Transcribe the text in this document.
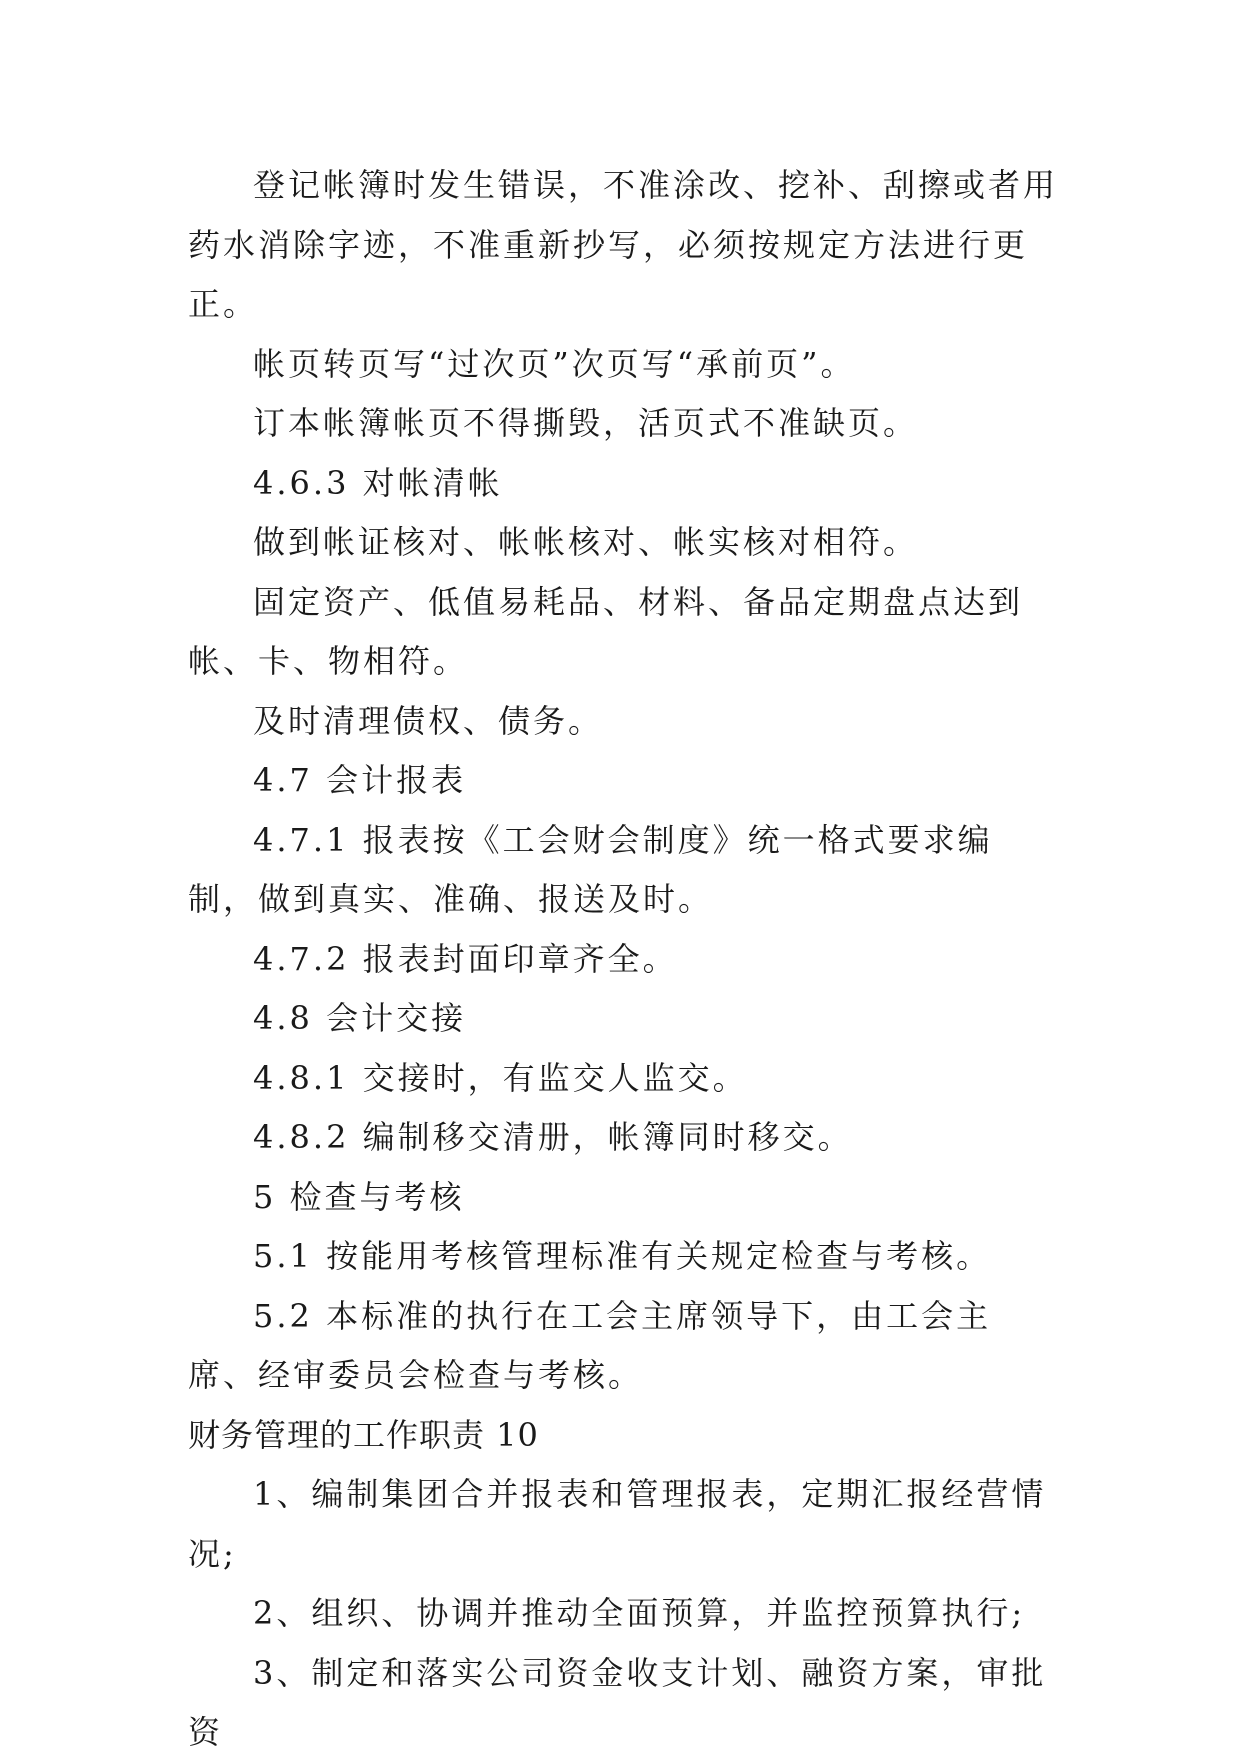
登记帐簿时发生错误，不准涂改、挖补、刮擦或者用药水消除字迹，不准重新抄写，必须按规定方法进行更正。

帐页转页写“过次页”次页写“承前页”。

订本帐簿帐页不得撕毁，活页式不准缺页。

4.6.3 对帐清帐

做到帐证核对、帐帐核对、帐实核对相符。

固定资产、低值易耗品、材料、备品定期盘点达到帐、卡、物相符。

及时清理债权、债务。

4.7 会计报表

4.7.1 报表按《工会财会制度》统一格式要求编制，做到真实、准确、报送及时。

4.7.2 报表封面印章齐全。

4.8 会计交接

4.8.1 交接时，有监交人监交。

4.8.2 编制移交清册，帐簿同时移交。

5 检查与考核

5.1 按能用考核管理标准有关规定检查与考核。

5.2 本标准的执行在工会主席领导下，由工会主席、经审委员会检查与考核。

财务管理的工作职责 10

1、编制集团合并报表和管理报表，定期汇报经营情况;

2、组织、协调并推动全面预算，并监控预算执行;

3、制定和落实公司资金收支计划、融资方案，审批资
